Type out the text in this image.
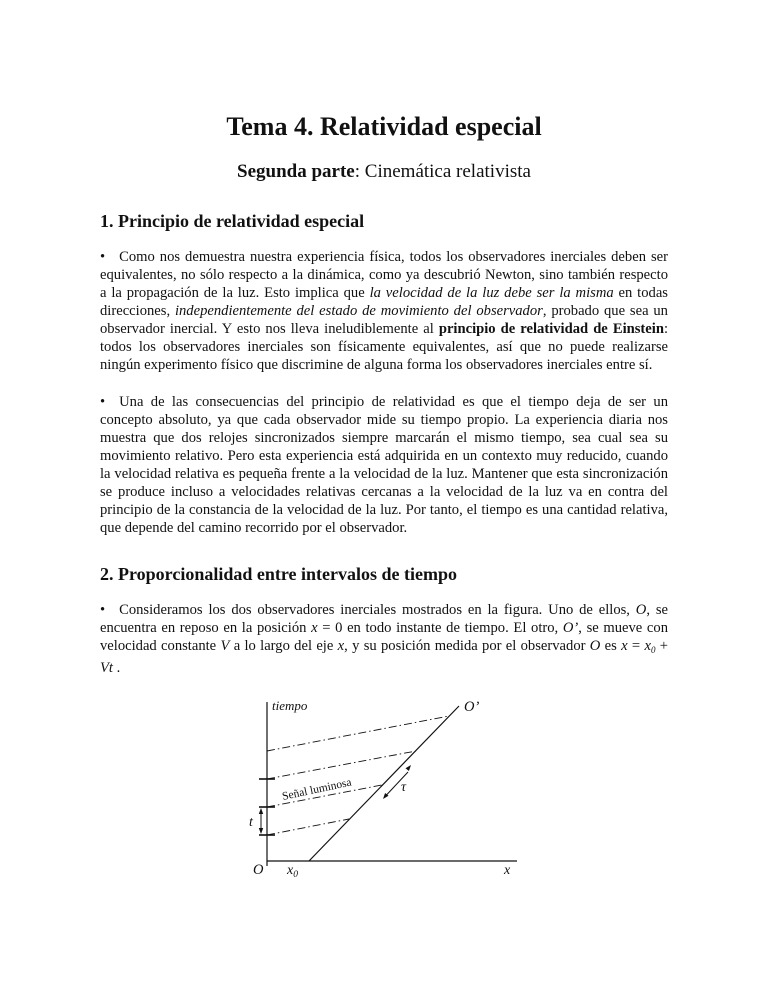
Tema 4. Relatividad especial
Segunda parte: Cinemática relativista
1. Principio de relatividad especial

• Como nos demuestra nuestra experiencia física, todos los observadores inerciales deben ser equivalentes, no sólo respecto a la dinámica, como ya descubrió Newton, sino también respecto a la propagación de la luz. Esto implica que la velocidad de la luz debe ser la misma en todas direcciones, independientemente del estado de movimiento del observador, probado que sea un observador inercial. Y esto nos lleva ineludiblemente al principio de relatividad de Einstein: todos los observadores inerciales son físicamente equivalentes, así que no puede realizarse ningún experimento físico que discrimine de alguna forma los observadores inerciales entre sí.

• Una de las consecuencias del principio de relatividad es que el tiempo deja de ser un concepto absoluto, ya que cada observador mide su tiempo propio. La experiencia diaria nos muestra que dos relojes sincronizados siempre marcarán el mismo tiempo, sea cual sea su movimiento relativo. Pero esta experiencia está adquirida en un contexto muy reducido, cuando la velocidad relativa es pequeña frente a la velocidad de la luz. Mantener que esta sincronización se produce incluso a velocidades relativas cercanas a la velocidad de la luz va en contra del principio de la constancia de la velocidad de la luz. Por tanto, el tiempo es una cantidad relativa, que depende del camino recorrido por el observador.

2. Proporcionalidad entre intervalos de tiempo

• Consideramos los dos observadores inerciales mostrados en la figura. Uno de ellos, O, se encuentra en reposo en la posición x = 0 en todo instante de tiempo. El otro, O’, se mueve con velocidad constante V a lo largo del eje x, y su posición medida por el observador O es $x = x_0 + Vt$ .

tiempo
x
O $x_0$
O’
t
τ
Señal luminosa
